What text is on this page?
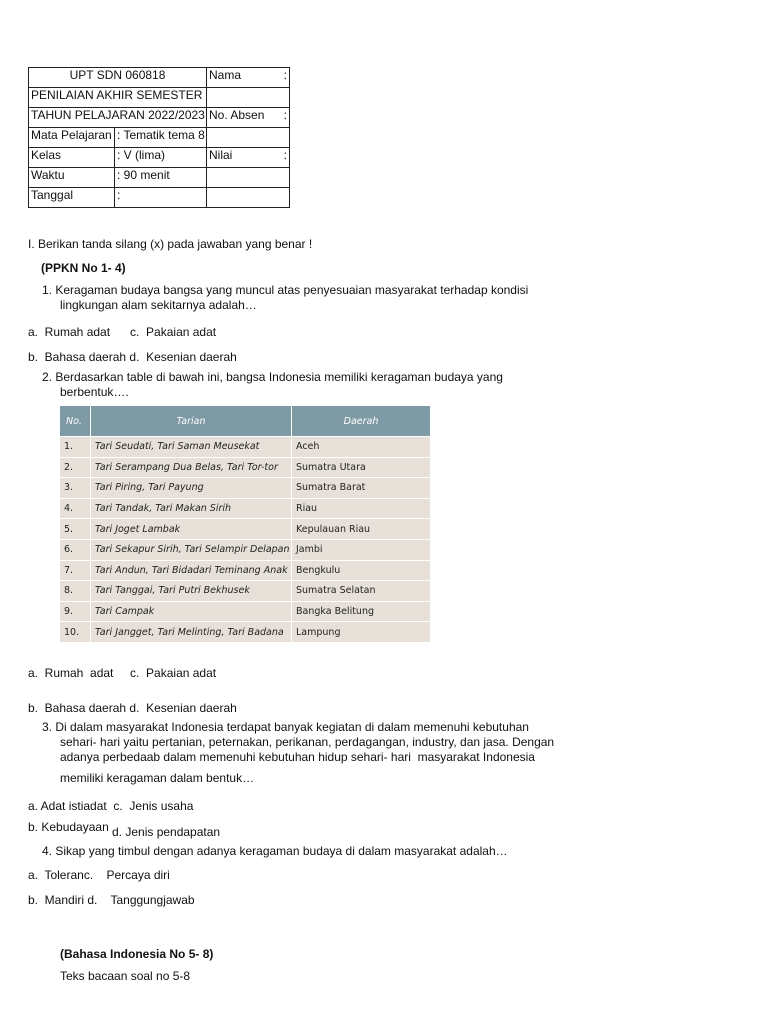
UPT SDN 060818		Nama :

PENILAIAN AKHIR SEMESTER		
TAHUN PELAJARAN 2022/2023		No. Absen :

Mata Pelajaran	: Tematik tema 8	
Kelas	: V (lima)	Nilai :

Waktu	: 90 menit	
Tanggal	:	
I. Berikan tanda silang (x) pada jawaban yang benar !
(PPKN No 1- 4)
1. Keragaman budaya bangsa yang muncul atas penyesuaian masyarakat terhadap kondisi
lingkungan alam sekitarnya adalah…
a.  Rumah adat      c.  Pakaian adat
b.  Bahasa daerah d.  Kesenian daerah
2. Berdasarkan table di bawah ini, bangsa Indonesia memiliki keragaman budaya yang
berbentuk….
No.	Tarian	Daerah
1.	Tari Seudati, Tari Saman Meusekat	Aceh
2.	Tari Serampang Dua Belas, Tari Tor-tor	Sumatra Utara
3.	Tari Piring, Tari Payung	Sumatra Barat
4.	Tari Tandak, Tari Makan Sirih	Riau
5.	Tari Joget Lambak	Kepulauan Riau
6.	Tari Sekapur Sirih, Tari Selampir Delapan	Jambi
7.	Tari Andun, Tari Bidadari Teminang Anak	Bengkulu
8.	Tari Tanggai, Tari Putri Bekhusek	Sumatra Selatan
9.	Tari Campak	Bangka Belitung
10.	Tari Jangget, Tari Melinting, Tari Badana	Lampung
a.  Rumah  adat     c.  Pakaian adat
b.  Bahasa daerah d.  Kesenian daerah
3. Di dalam masyarakat Indonesia terdapat banyak kegiatan di dalam memenuhi kebutuhan
sehari- hari yaitu pertanian, peternakan, perikanan, perdagangan, industry, dan jasa. Dengan
adanya perbedaab dalam memenuhi kebutuhan hidup sehari- hari  masyarakat Indonesia
memiliki keragaman dalam bentuk…
a. Adat istiadat  c.  Jenis usaha
b. Kebudayaan d. Jenis pendapatan
4. Sikap yang timbul dengan adanya keragaman budaya di dalam masyarakat adalah…
a.  Toleranc.    Percaya diri
b.  Mandiri d.    Tanggungjawab
(Bahasa Indonesia No 5- 8)
Teks bacaan soal no 5-8
